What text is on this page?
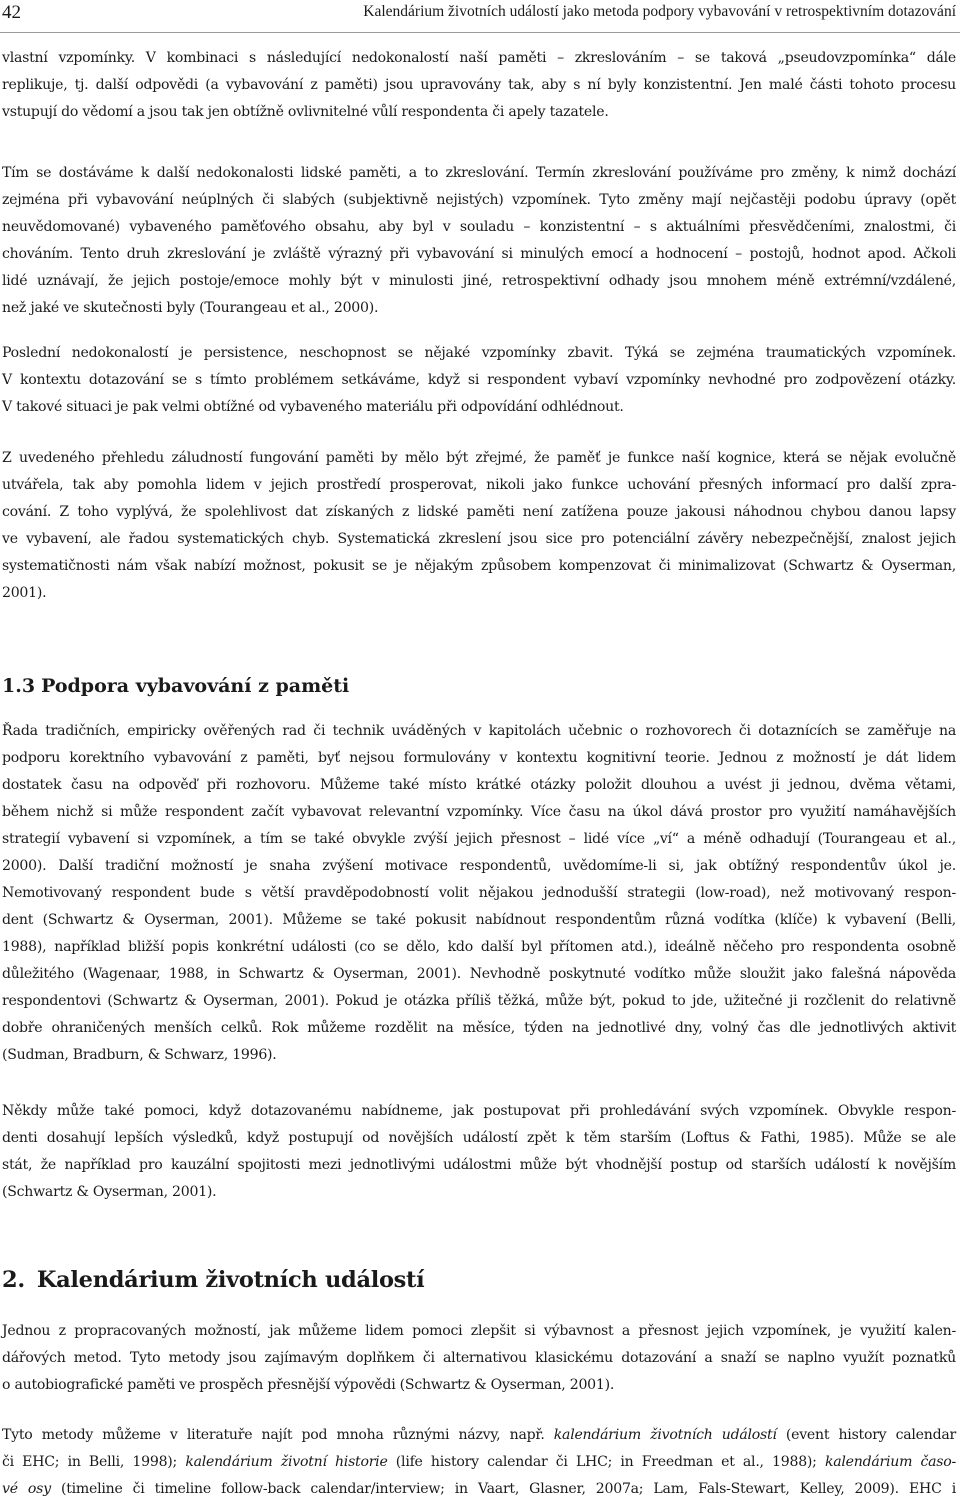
42	Kalendárium životních událostí jako metoda podpory vybavování v retrospektivním dotazování
vlastní vzpomínky. V kombinaci s následující nedokonalostí naší paměti – zkreslováním – se taková „pseudovzpomínka“ dále
replikuje, tj. další odpovědi (a vybavování z paměti) jsou upravovány tak, aby s ní byly konzistentní. Jen malé části tohoto procesu
vstupují do vědomí a jsou tak jen obtížně ovlivnitelné vůlí respondenta či apely tazatele.
Tím se dostáváme k další nedokonalosti lidské paměti, a to zkreslování. Termín zkreslování používáme pro změny, k nimž dochází
zejména při vybavování neúplných či slabých (subjektivně nejistých) vzpomínek. Tyto změny mají nejčastěji podobu úpravy (opět
neuvědomované) vybaveného paměťového obsahu, aby byl v souladu – konzistentní – s aktuálními přesvědčeními, znalostmi, či
chováním. Tento druh zkreslování je zvláště výrazný při vybavování si minulých emocí a hodnocení – postojů, hodnot apod. Ačkoli
lidé uznávají, že jejich postoje/emoce mohly být v minulosti jiné, retrospektivní odhady jsou mnohem méně extrémní/vzdálené,
než jaké ve skutečnosti byly (Tourangeau et al., 2000).
Poslední nedokonalostí je persistence, neschopnost se nějaké vzpomínky zbavit. Týká se zejména traumatických vzpomínek.
V kontextu dotazování se s tímto problémem setkáváme, když si respondent vybaví vzpomínky nevhodné pro zodpovězení otázky.
V takové situaci je pak velmi obtížné od vybaveného materiálu při odpovídání odhlédnout.
Z uvedeného přehledu záludností fungování paměti by mělo být zřejmé, že paměť je funkce naší kognice, která se nějak evolučně
utvářela, tak aby pomohla lidem v jejich prostředí prosperovat, nikoli jako funkce uchování přesných informací pro další zpra-
cování. Z toho vyplývá, že spolehlivost dat získaných z lidské paměti není zatížena pouze jakousi náhodnou chybou danou lapsy
ve vybavení, ale řadou systematických chyb. Systematická zkreslení jsou sice pro potenciální závěry nebezpečnější, znalost jejich
systematičnosti nám však nabízí možnost, pokusit se je nějakým způsobem kompenzovat či minimalizovat (Schwartz & Oyserman,
2001).
1.3 Podpora vybavování z paměti
Řada tradičních, empiricky ověřených rad či technik uváděných v kapitolách učebnic o rozhovorech či dotaznících se zaměřuje na
podporu korektního vybavování z paměti, byť nejsou formulovány v kontextu kognitivní teorie. Jednou z možností je dát lidem
dostatek času na odpověď při rozhovoru. Můžeme také místo krátké otázky položit dlouhou a uvést ji jednou, dvěma větami,
během nichž si může respondent začít vybavovat relevantní vzpomínky. Více času na úkol dává prostor pro využití namáhavějších
strategií vybavení si vzpomínek, a tím se také obvykle zvýší jejich přesnost – lidé více „ví“ a méně odhadují (Tourangeau et al.,
2000). Další tradiční možností je snaha zvýšení motivace respondentů, uvědomíme-li si, jak obtížný respondentův úkol je.
Nemotivovaný respondent bude s větší pravděpodobností volit nějakou jednodušší strategii (low-road), než motivovaný respon-
dent (Schwartz & Oyserman, 2001). Můžeme se také pokusit nabídnout respondentům různá vodítka (klíče) k vybavení (Belli,
1988), například bližší popis konkrétní události (co se dělo, kdo další byl přítomen atd.), ideálně něčeho pro respondenta osobně
důležitého (Wagenaar, 1988, in Schwartz & Oyserman, 2001). Nevhodně poskytnuté vodítko může sloužit jako falešná nápověda
respondentovi (Schwartz & Oyserman, 2001). Pokud je otázka příliš těžká, může být, pokud to jde, užitečné ji rozčlenit do relativně
dobře ohraničených menších celků. Rok můžeme rozdělit na měsíce, týden na jednotlivé dny, volný čas dle jednotlivých aktivit
(Sudman, Bradburn, & Schwarz, 1996).
Někdy může také pomoci, když dotazovanému nabídneme, jak postupovat při prohledávání svých vzpomínek. Obvykle respon-
denti dosahují lepších výsledků, když postupují od novějších událostí zpět k těm starším (Loftus & Fathi, 1985). Může se ale
stát, že například pro kauzální spojitosti mezi jednotlivými událostmi může být vhodnější postup od starších událostí k novějším
(Schwartz & Oyserman, 2001).
2. Kalendárium životních událostí
Jednou z propracovaných možností, jak můžeme lidem pomoci zlepšit si výbavnost a přesnost jejich vzpomínek, je využití kalen-
dářových metod. Tyto metody jsou zajímavým doplňkem či alternativou klasickému dotazování a snaží se naplno využít poznatků
o autobiografické paměti ve prospěch přesnější výpovědi (Schwartz & Oyserman, 2001).
Tyto metody můžeme v literatuře najít pod mnoha různými názvy, např. kalendárium životních událostí (event history calendar
či EHC; in Belli, 1998); kalendárium životní historie (life history calendar či LHC; in Freedman et al., 1988); kalendárium časo-
vé osy (timeline či timeline follow-back calendar/interview; in Vaart, Glasner, 2007a; Lam, Fals-Stewart, Kelley, 2009). EHC i
